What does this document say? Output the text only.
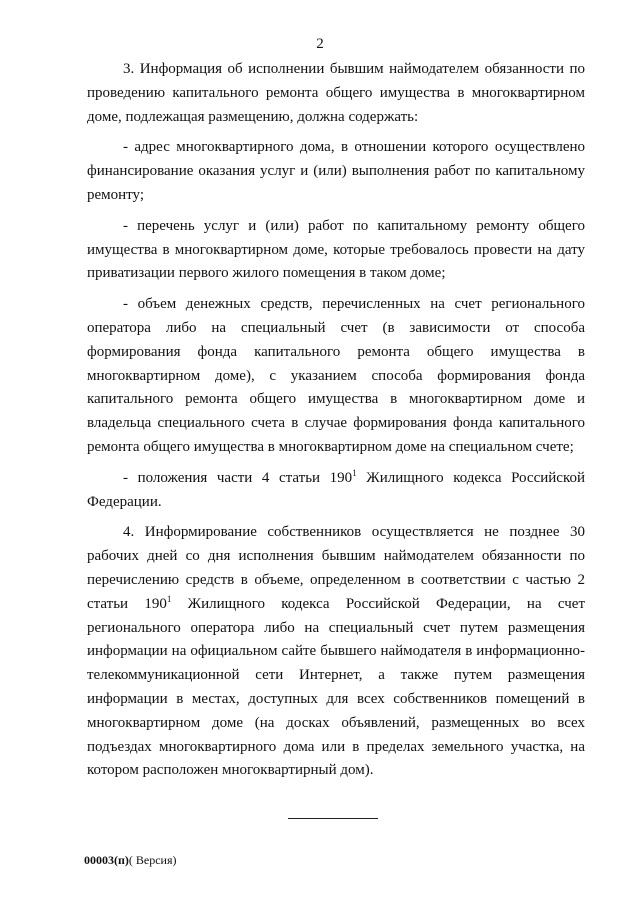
2

3. Информация об исполнении бывшим наймодателем обязанности по проведению капитального ремонта общего имущества в многоквартирном доме, подлежащая размещению, должна содержать:

- адрес многоквартирного дома, в отношении которого осуществлено финансирование оказания услуг и (или) выполнения работ по капитальному ремонту;

- перечень услуг и (или) работ по капитальному ремонту общего имущества в многоквартирном доме, которые требовалось провести на дату приватизации первого жилого помещения в таком доме;

- объем денежных средств, перечисленных на счет регионального оператора либо на специальный счет (в зависимости от способа формирования фонда капитального ремонта общего имущества в многоквартирном доме), с указанием способа формирования фонда капитального ремонта общего имущества в многоквартирном доме и владельца специального счета в случае формирования фонда капитального ремонта общего имущества в многоквартирном доме на специальном счете;

- положения части 4 статьи $190^1$ Жилищного кодекса Российской Федерации.

4. Информирование собственников осуществляется не позднее 30 рабочих дней со дня исполнения бывшим наймодателем обязанности по перечислению средств в объеме, определенном в соответствии с частью 2 статьи $190^1$ Жилищного кодекса Российской Федерации, на счет регионального оператора либо на специальный счет путем размещения информации на официальном сайте бывшего наймодателя в информационно-телекоммуникационной сети Интернет, а также путем размещения информации в местах, доступных для всех собственников помещений в многоквартирном доме (на досках объявлений, размещенных во всех подъездах многоквартирного дома или в пределах земельного участка, на котором расположен многоквартирный дом).

00003(п)( Версия)
